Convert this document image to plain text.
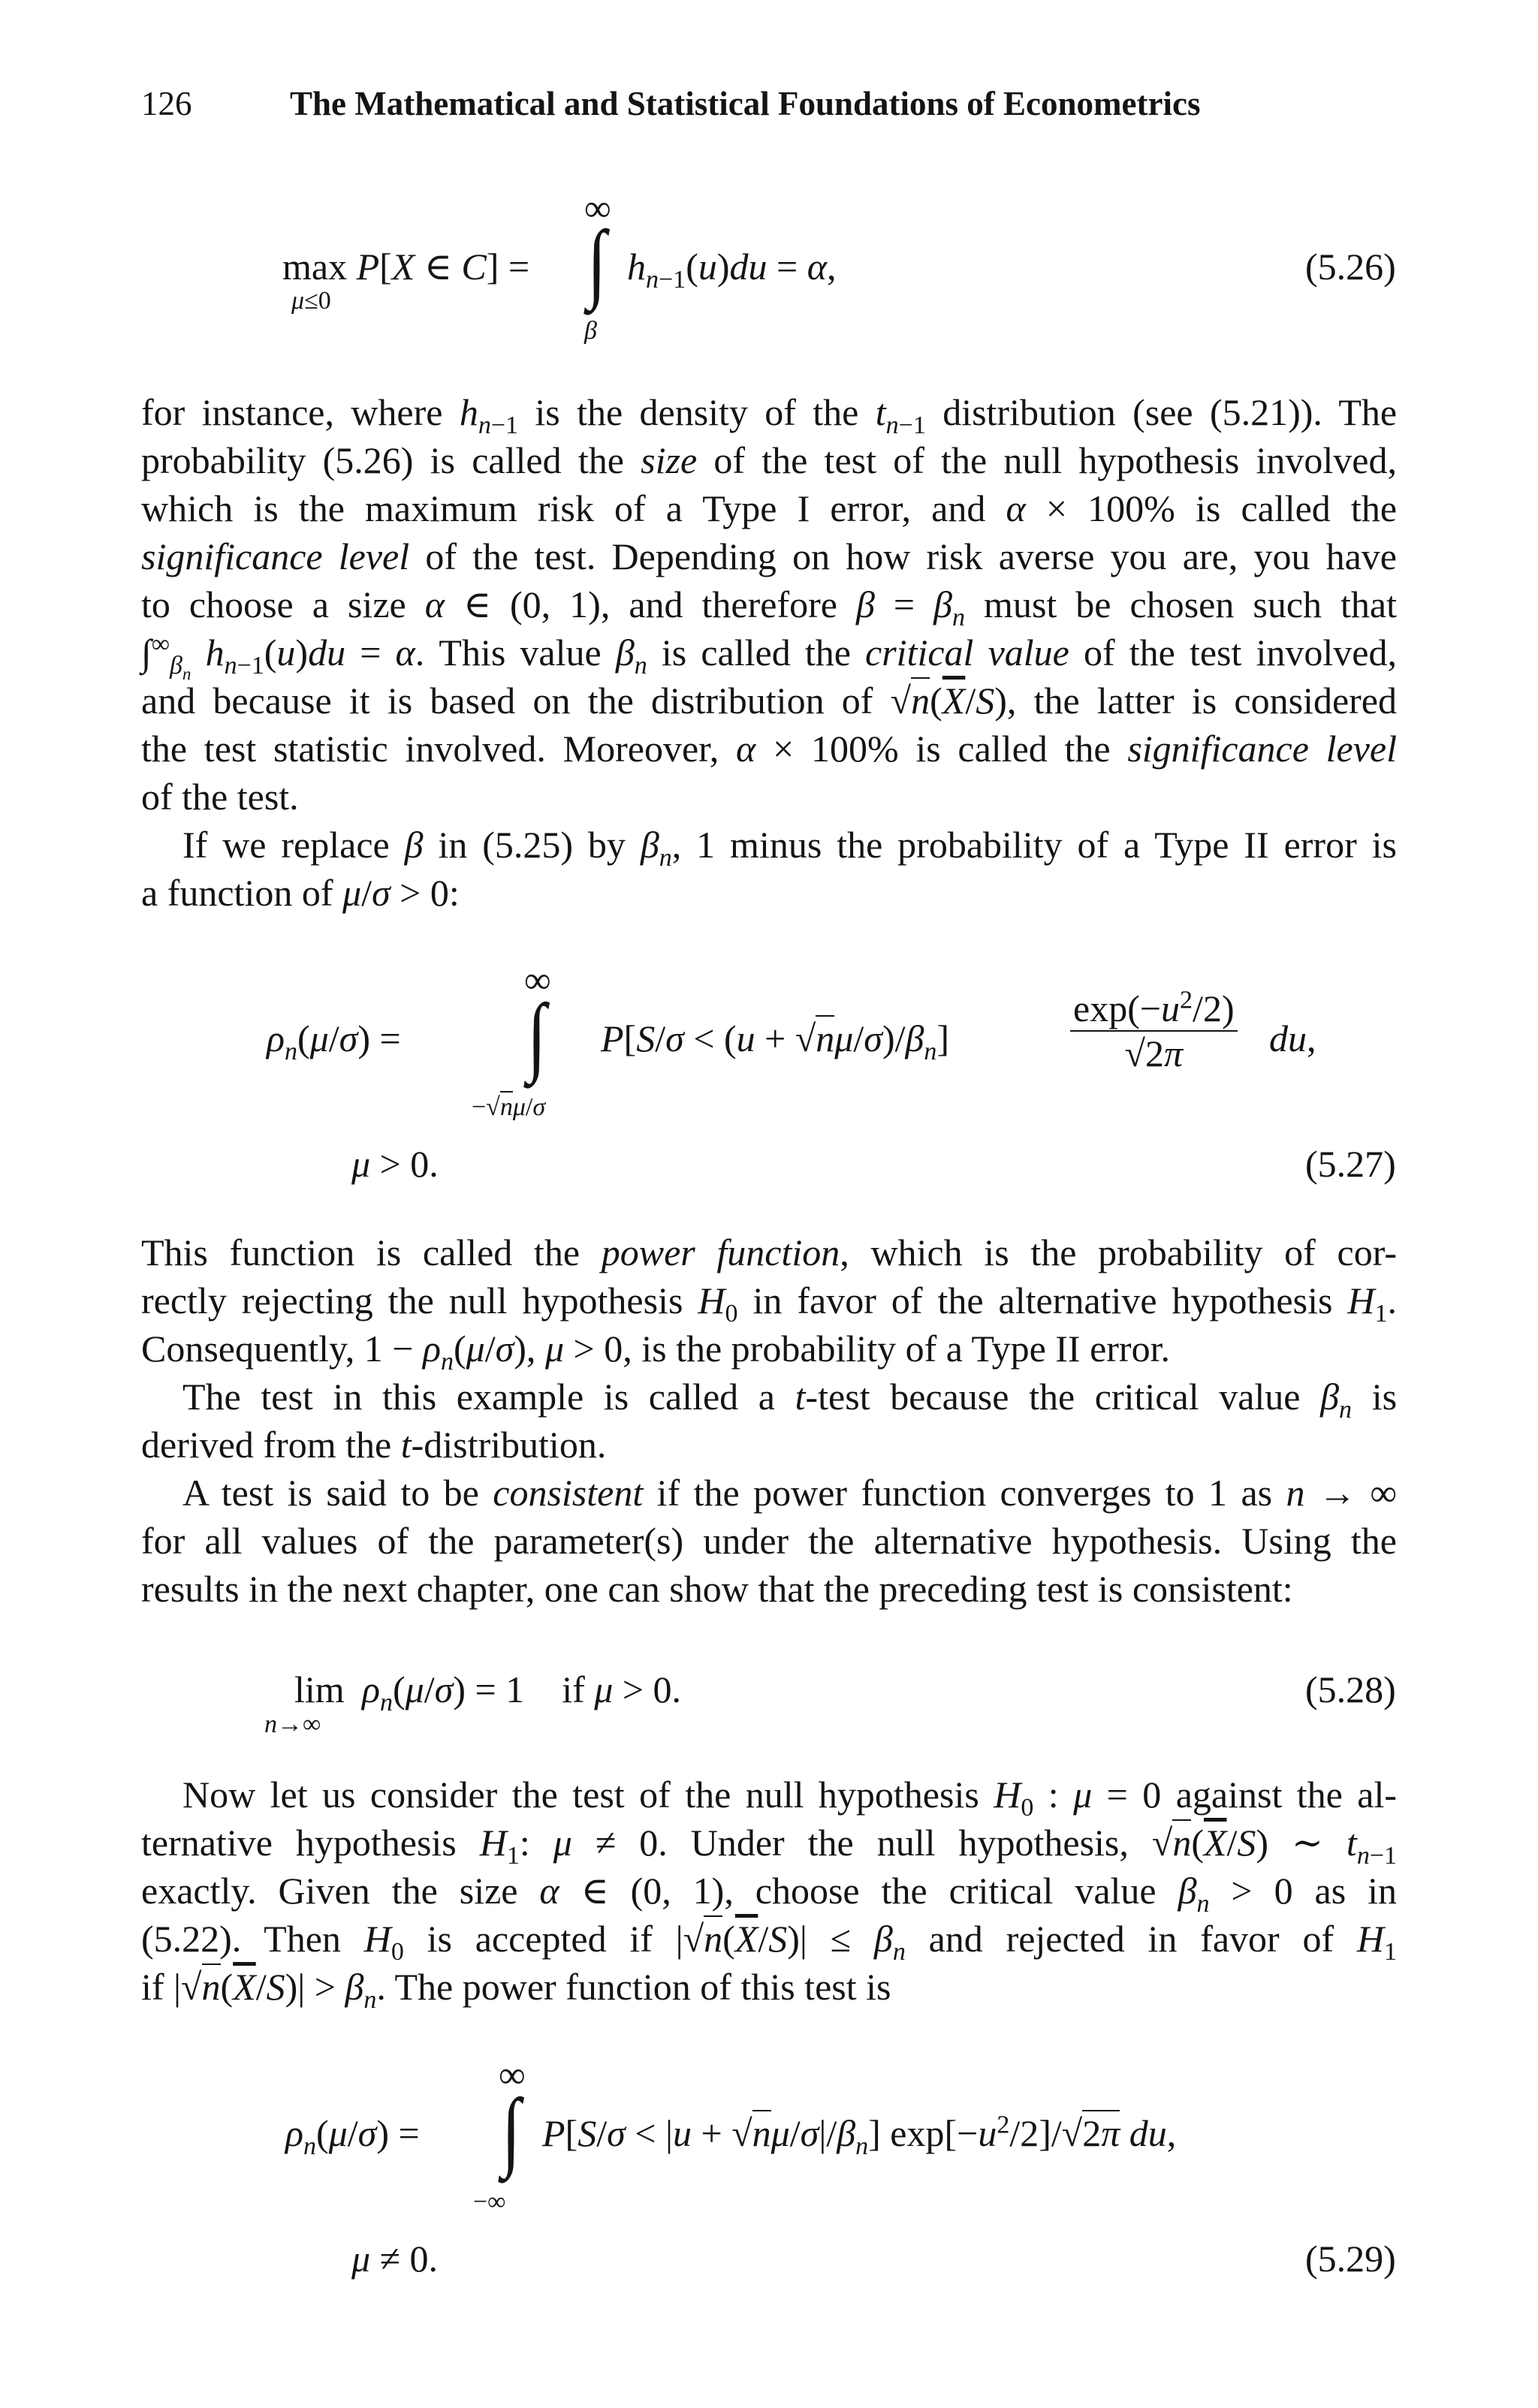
126	The Mathematical and Statistical Foundations of Econometrics
∞
max P[X ∈ C] =
μ≤0	∫ $h_{n-1}(u)du = \alpha$,
β
(5.26)
for instance, where $h_{n-1}$ is the density of the $t_{n-1}$ distribution (see (5.21)). The
probability (5.26) is called the size of the test of the null hypothesis involved,
which is the maximum risk of a Type I error, and α × 100% is called the
significance level of the test. Depending on how risk averse you are, you have
to choose a size α ∈ (0, 1), and therefore $\beta = \beta_n$ must be chosen such that
$\int^\infty_{\beta_n}$ $h_{n-1}(u)du = \alpha$. This value $\beta_n$ is called the critical value of the test involved,
and because it is based on the distribution of $√n(\overline{X}/S)$, the latter is considered
the test statistic involved. Moreover, α × 100% is called the significance level
of the test.
If we replace β in (5.25) by $\beta_n$, 1 minus the probability of a Type II error is
a function of μ/σ > 0:
∞
∫
$\rho_n(\mu/\sigma)$ =	$P[S/\sigma < (u + √n\mu/\sigma)/\beta_n]$	$\frac{\exp(-u^2/2)}{√2\pi}$ du,
−√nμ/σ
μ > 0.	(5.27)
This function is called the power function, which is the probability of cor-
rectly rejecting the null hypothesis $H_0$ in favor of the alternative hypothesis $H_1$.
Consequently, $1 - \rho_n(\mu/\sigma)$, μ > 0, is the probability of a Type II error.
The test in this example is called a t-test because the critical value $\beta_n$ is
derived from the t-distribution.
A test is said to be consistent if the power function converges to 1 as n → ∞
for all values of the parameter(s) under the alternative hypothesis. Using the
results in the next chapter, one can show that the preceding test is consistent:
lim
n→∞
$\rho_n(\mu/\sigma) = 1$    if μ > 0.	(5.28)
Now let us consider the test of the null hypothesis $H_0$ : μ = 0 against the al-
ternative hypothesis $H_1$: μ ≠ 0. Under the null hypothesis, $√n(\overline{X}/S)$ ∼ $t_{n-1}$
exactly. Given the size α ∈ (0, 1), choose the critical value $\beta_n > 0$ as in
(5.22). Then $H_0$ is accepted if $|√n(\overline{X}/S)| \le \beta_n$ and rejected in favor of $H_1$
if $|√n(\overline{X}/S)| > \beta_n$. The power function of this test is
∞
∫
$\rho_n(\mu/\sigma)$ =	$P[S/\sigma < |u + √n\mu/\sigma|/\beta_n]$ $\exp[-u^2/2]/√2\pi$ du,
−∞
μ ≠ 0.	(5.29)
